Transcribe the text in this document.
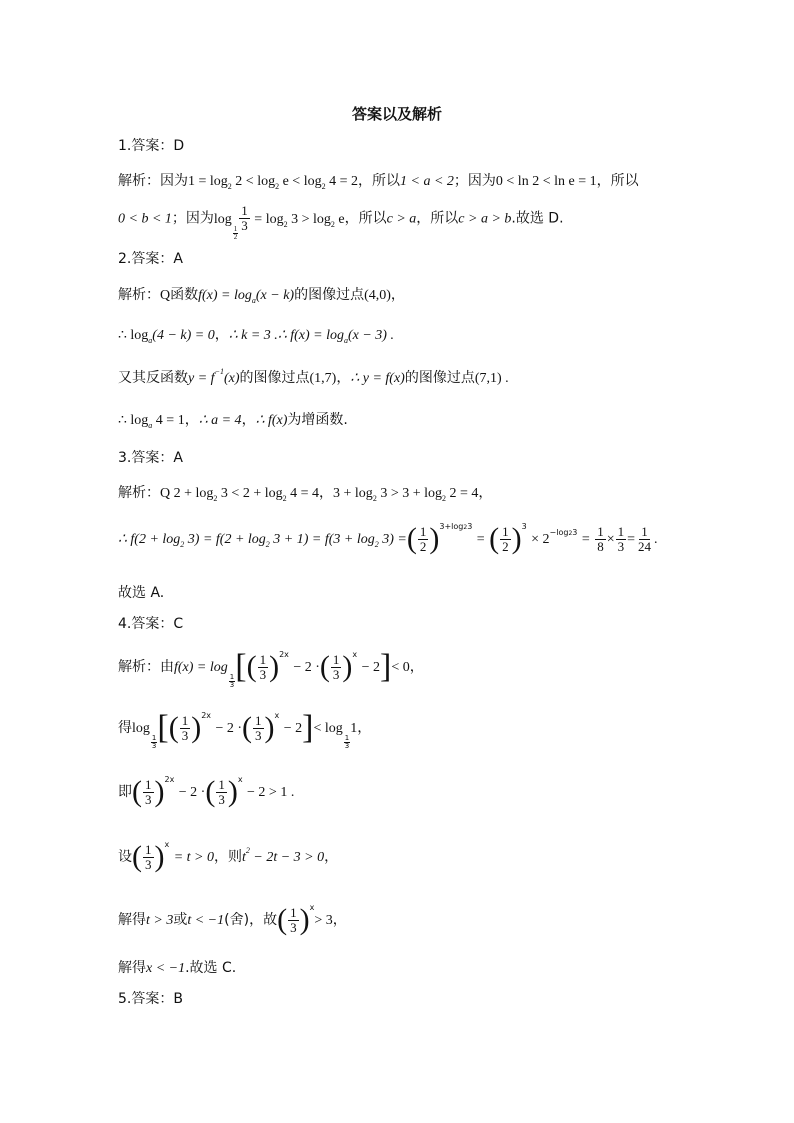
答案以及解析
1.答案：D
解析：因为$1 = \log_2 2 < \log_2 e < \log_2 4 = 2$，所以1 < a < 2；因为0 < ln 2 < ln e = 1，所以
0 < b < 1；因为log
$\frac{1}{2} \frac{1}{3} = \log_2 3 > \log_2 e$，所以c > a，所以c > a > b.故选 D.
2.答案：A
解析：Q函数$f(x) = \log_a(x - k)$的图像过点(4,0)，
∴ $\log_a(4 - k) = 0$，∴ k = 3 .∴ $f(x) = \log_a(x - 3)$ .
又其反函数$y = f^{-1}(x)$的图像过点(1,7)，∴ y = f(x)的图像过点(7,1) .
∴ $\log_a 4 = 1$，∴ a = 4，∴ f(x)为增函数.
3.答案：A
解析：Q $2 + \log_2 3 < 2 + \log_2 4 = 4$，$3 + \log_2 3 > 3 + \log_2 2 = 4$，
∴ $f(2 + \log_2 3) = f(2 + \log_2 3 + 1) = f(3 + \log_2 3)$ =( $\frac{1}{2} )^{3+log23}$ = ( $\frac{1}{2} )^3 \times 2^{-log23} = \frac{1}{8} \times \frac{1}{3} = \frac{1}{24}$ .
故选 A.
4.答案：C
解析：由f(x) = log
$\frac{1}{3}$ [( $\frac{1}{3} )^{2x} - 2$ ·( $\frac{1}{3} )^x - 2]< 0$，
得log
$\frac{1}{3}$ [( $\frac{1}{3} )^{2x} - 2$ ·( $\frac{1}{3} )^x - 2]< \log$
$\frac{1}{3}$
1，
即( $\frac{1}{3} )^{2x} - 2$ ·( $\frac{1}{3} )^x - 2 > 1$ .
设( $\frac{1}{3} )^x = t > 0$，则$t^2 - 2t - 3 > 0$，
解得t > 3或t < −1(舍)，故( $\frac{1}{3} )^x> 3$，
解得x < −1.故选 C.
5.答案：B
